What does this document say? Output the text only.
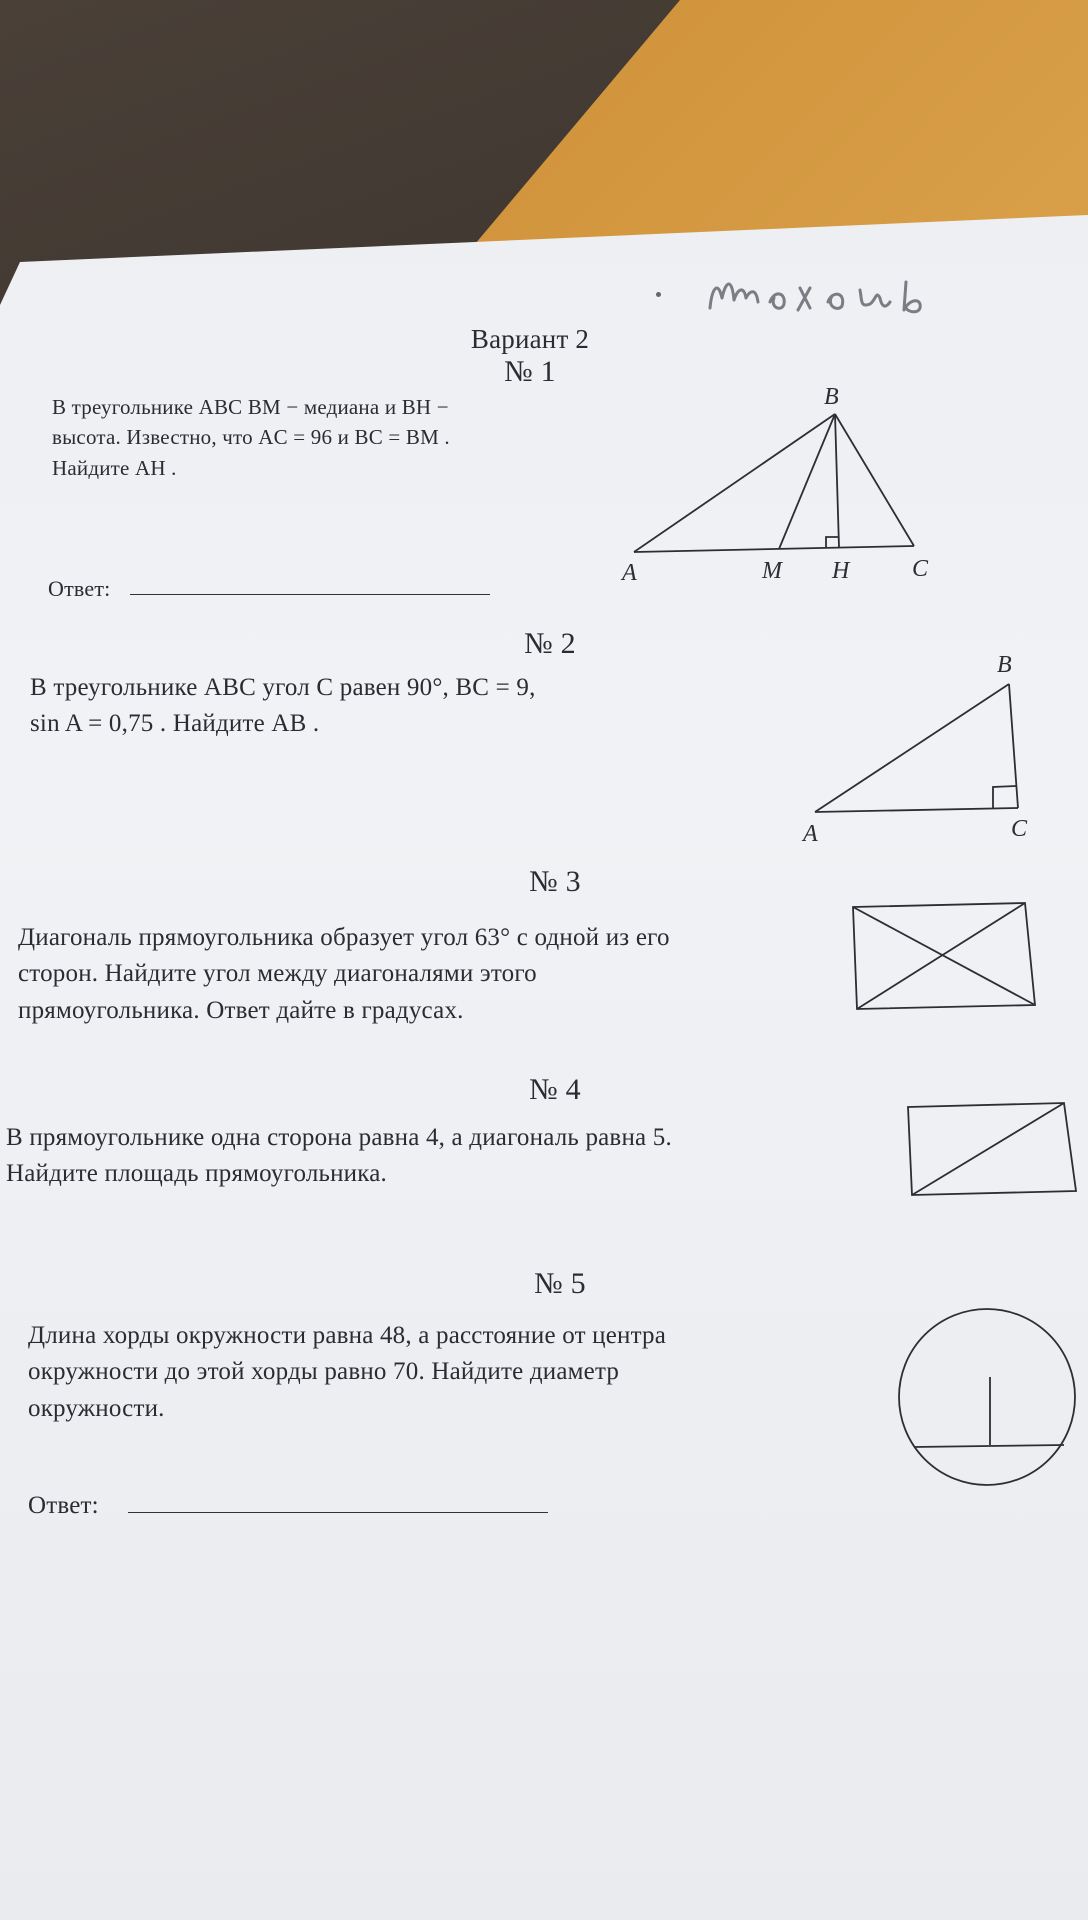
Вариант 2
№ 1
В треугольнике ABC BM − медиана и BH −
высота. Известно, что AC = 96 и BC = BM .
Найдите AH .
Ответ:
A
B
M H	C
№ 2
В треугольнике ABC угол C равен 90°, BC = 9,
sin A = 0,75 . Найдите AB .
A
B
C
№ 3
Диагональ прямоугольника образует угол 63° с одной из его
сторон. Найдите угол между диагоналями этого
прямоугольника. Ответ дайте в градусах.
№ 4
В прямоугольнике одна сторона равна 4, а диагональ равна 5.
Найдите площадь прямоугольника.
№ 5
Длина хорды окружности равна 48, а расстояние от центра
окружности до этой хорды равно 70. Найдите диаметр
окружности.
Ответ:
